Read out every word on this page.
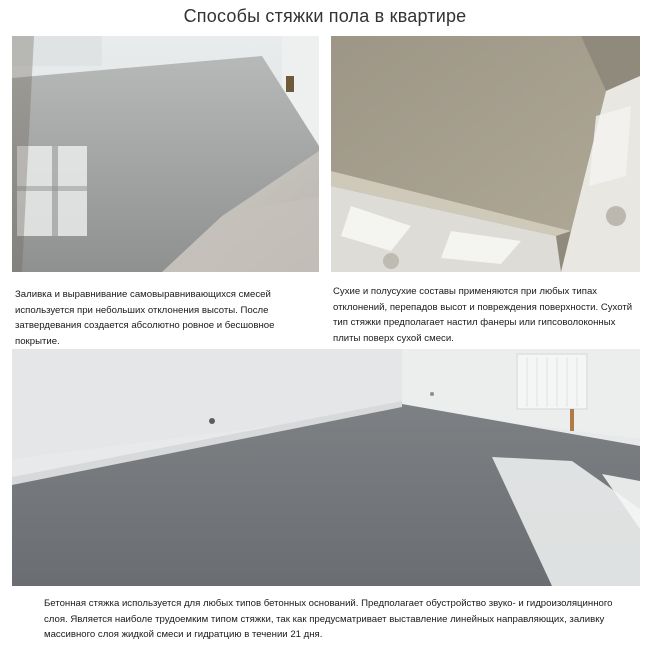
Способы стяжки пола в квартире
Заливка и выравнивание самовыравнивающихся смесей используется при небольших отклонения высоты. После затвердевания создается абсолютно ровное и бесшовное покрытие.
Сухие и полусухие составы применяются при любых типах отклонений, перепадов высот и повреждения поверхности. Сухотй тип стяжки предполагает настил фанеры или гипсоволоконных плиты поверх сухой смеси.
Бетонная стяжка используется для любых типов бетонных оснований. Предполагает обустройство звуко- и гидроизоляцинного слоя. Является наиболе трудоемким типом стяжки, так как предусматривает выставление линейных направляющих, заливку массивного слоя жидкой смеси и гидратцию в течении 21 дня.
